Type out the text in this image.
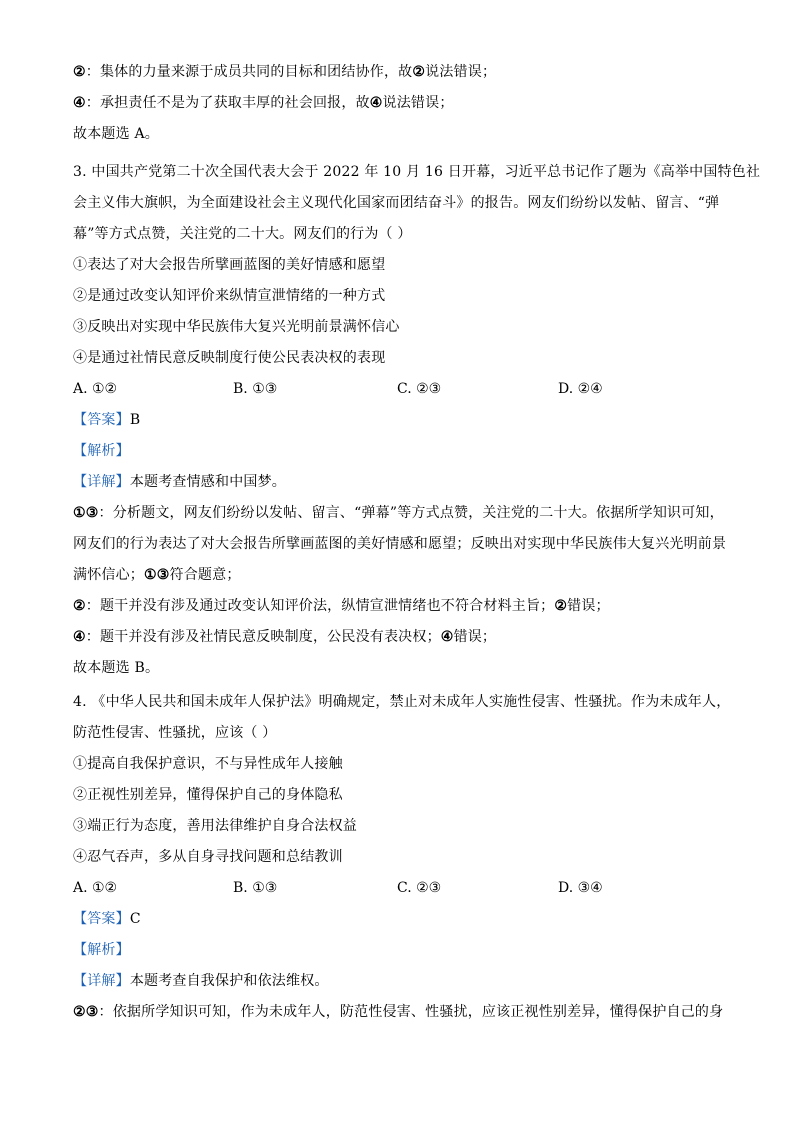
②：集体的力量来源于成员共同的目标和团结协作，故②说法错误；
④：承担责任不是为了获取丰厚的社会回报，故④说法错误；
故本题选 A。
3. 中国共产党第二十次全国代表大会于 2022 年 10 月 16 日开幕，习近平总书记作了题为《高举中国特色社
会主义伟大旗帜，为全面建设社会主义现代化国家而团结奋斗》的报告。网友们纷纷以发帖、留言、“弹
幕”等方式点赞，关注党的二十大。网友们的行为（ ）
①表达了对大会报告所擘画蓝图的美好情感和愿望
②是通过改变认知评价来纵情宣泄情绪的一种方式
③反映出对实现中华民族伟大复兴光明前景满怀信心
④是通过社情民意反映制度行使公民表决权的表现
A. ①②	B. ①③	C. ②③	D. ②④
【答案】B
【解析】
【详解】本题考查情感和中国梦。
①③：分析题文，网友们纷纷以发帖、留言、“弹幕”等方式点赞，关注党的二十大。依据所学知识可知，
网友们的行为表达了对大会报告所擘画蓝图的美好情感和愿望；反映出对实现中华民族伟大复兴光明前景
满怀信心；①③符合题意；
②：题干并没有涉及通过改变认知评价法，纵情宣泄情绪也不符合材料主旨；②错误；
④：题干并没有涉及社情民意反映制度，公民没有表决权；④错误；
故本题选 B。
4. 《中华人民共和国未成年人保护法》明确规定，禁止对未成年人实施性侵害、性骚扰。作为未成年人，
防范性侵害、性骚扰，应该（ ）
①提高自我保护意识，不与异性成年人接触
②正视性别差异，懂得保护自己的身体隐私
③端正行为态度，善用法律维护自身合法权益
④忍气吞声，多从自身寻找问题和总结教训
A. ①②	B. ①③	C. ②③	D. ③④
【答案】C
【解析】
【详解】本题考查自我保护和依法维权。
②③：依据所学知识可知，作为未成年人，防范性侵害、性骚扰，应该正视性别差异，懂得保护自己的身
